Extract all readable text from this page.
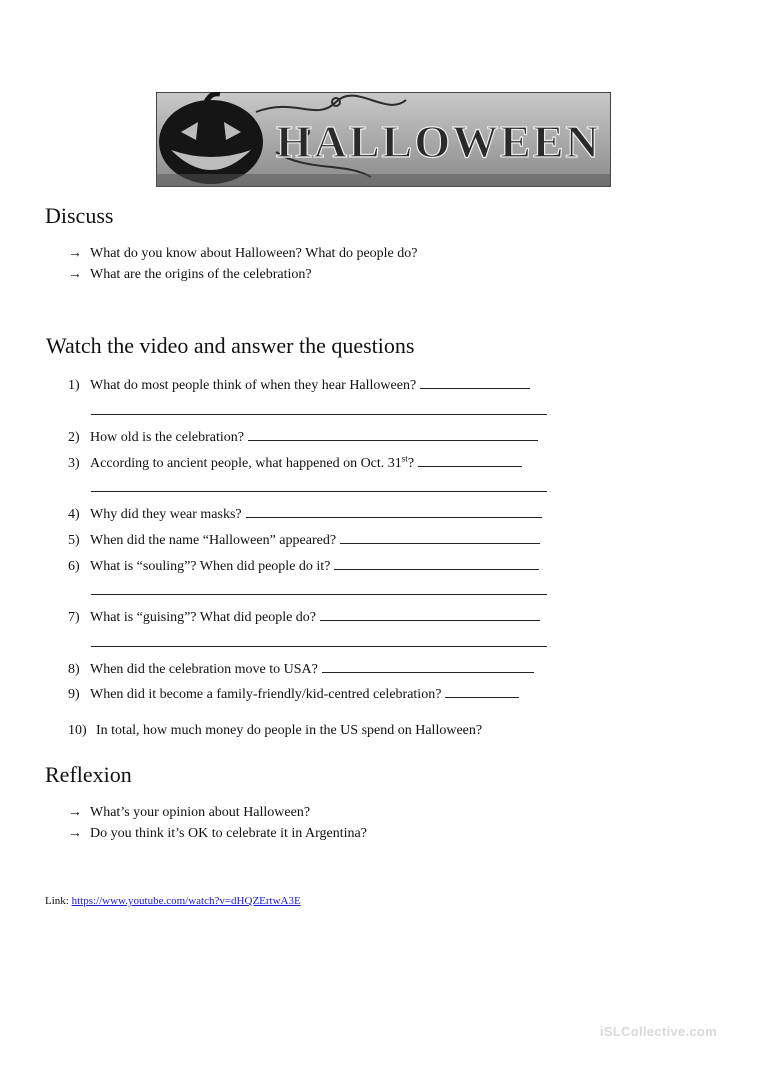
HALLOWEEN
Discuss
→ What do you know about Halloween? What do people do?
→ What are the origins of the celebration?
Watch the video and answer the questions
1) What do most people think of when they hear Halloween?
2) How old is the celebration?
3) According to ancient people, what happened on Oct. 31st?
4) Why did they wear masks?
5) When did the name “Halloween” appeared?
6) What is “souling”? When did people do it?
7) What is “guising”? What did people do?
8) When did the celebration move to USA?
9) When did it become a family-friendly/kid-centred celebration?
10) In total, how much money do people in the US spend on Halloween?
Reflexion
→ What’s your opinion about Halloween?
→ Do you think it’s OK to celebrate it in Argentina?
Link: https://www.youtube.com/watch?v=dHQZErtwA3E
iSLCollective.com
